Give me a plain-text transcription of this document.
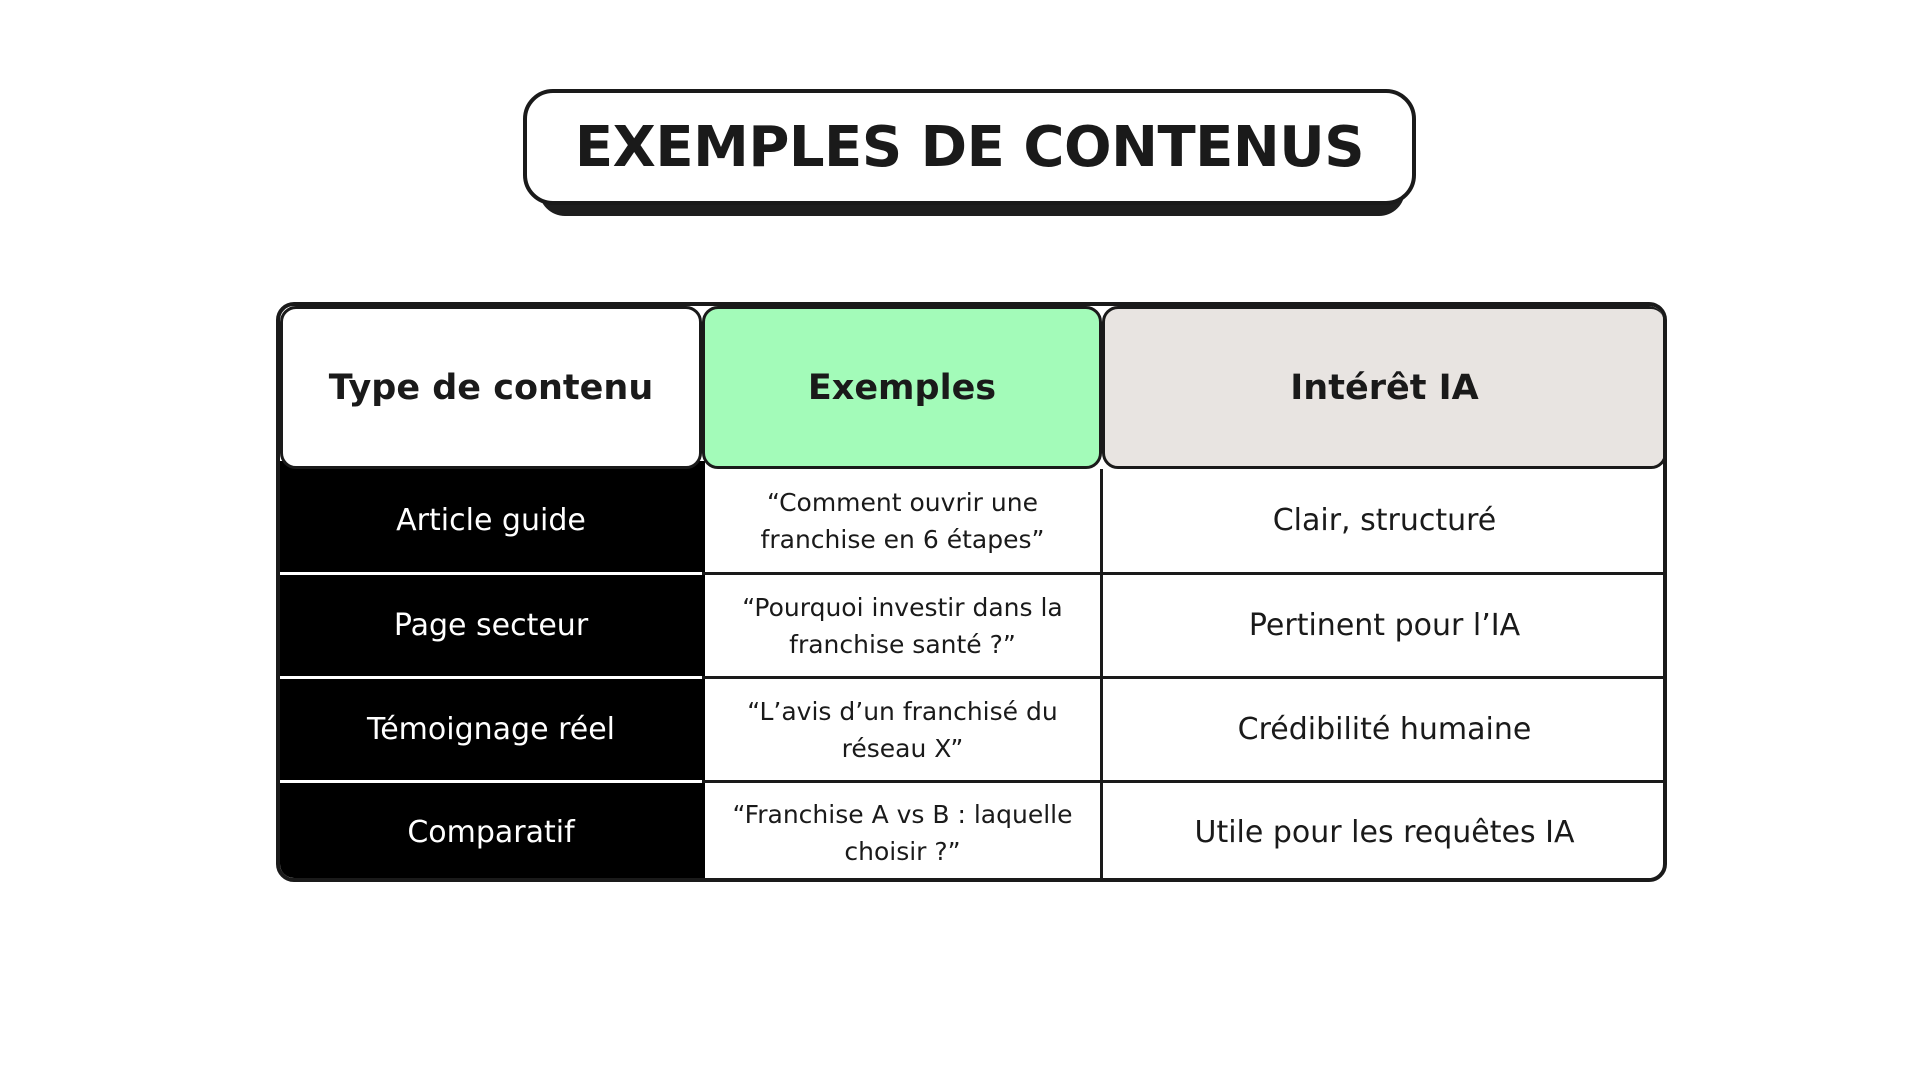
EXEMPLES DE CONTENUS
Type de contenu	Exemples	Intérêt IA
Article guide
“Comment ouvrir une franchise en 6 étapes”
Clair, structuré
Page secteur
“Pourquoi investir dans la franchise santé ?”
Pertinent pour l’IA
Témoignage réel
“L’avis d’un franchisé du réseau X”
Crédibilité humaine
Comparatif
“Franchise A vs B : laquelle choisir ?”
Utile pour les requêtes IA
